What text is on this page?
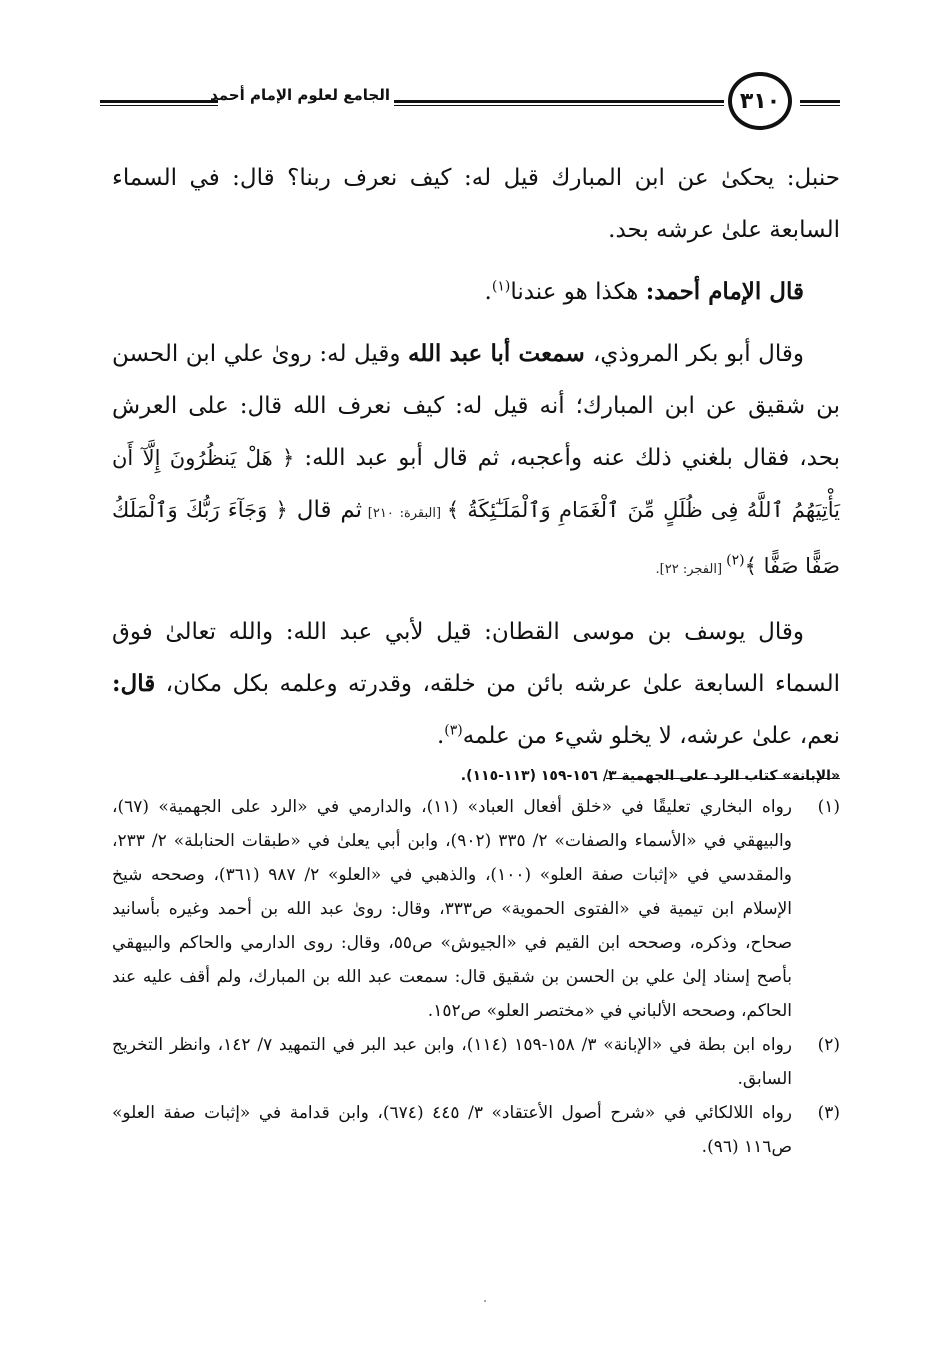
الجامع لعلوم الإمام أحمد	٣١٠

حنبل: يحكىٰ عن ابن المبارك قيل له: كيف نعرف ربنا؟ قال: في السماء السابعة علىٰ عرشه بحد.

قال الإمام أحمد: هكذا هو عندنا$^{(١)}$.

وقال أبو بكر المروذي، سمعت أبا عبد الله وقيل له: روىٰ علي ابن الحسن بن شقيق عن ابن المبارك؛ أنه قيل له: كيف نعرف الله قال: على العرش بحد، فقال بلغني ذلك عنه وأعجبه، ثم قال أبو عبد الله: ﴿ هَلْ يَنظُرُونَ إِلَّآ أَن يَأْتِيَهُمُ ٱللَّهُ فِى ظُلَلٍ مِّنَ ٱلْغَمَامِ وَٱلْمَلَـٰٓئِكَةُ ﴾ [البقرة: ٢١٠] ثم قال ﴿ وَجَآءَ رَبُّكَ وَٱلْمَلَكُ صَفًّا صَفًّا ﴾$^{(٢)}$ [الفجر: ٢٢].

وقال يوسف بن موسى القطان: قيل لأبي عبد الله: والله تعالىٰ فوق السماء السابعة علىٰ عرشه بائن من خلقه، وقدرته وعلمه بكل مكان، قال: نعم، علىٰ عرشه، لا يخلو شيء من علمه$^{(٣)}$.

«الإبانة» كتاب الرد على الجهمية ٣/ ١٥٦-١٥٩ (١١٣-١١٥).
(١)
رواه البخاري تعليقًا في «خلق أفعال العباد» (١١)، والدارمي في «الرد على الجهمية» (٦٧)، والبيهقي في «الأسماء والصفات» ٢/ ٣٣٥ (٩٠٢)، وابن أبي يعلىٰ في «طبقات الحنابلة» ٢/ ٢٣٣، والمقدسي في «إثبات صفة العلو» (١٠٠)، والذهبي في «العلو» ٢/ ٩٨٧ (٣٦١)، وصححه شيخ الإسلام ابن تيمية في «الفتوى الحموية» ص٣٣٣، وقال: روىٰ عبد الله بن أحمد وغيره بأسانيد صحاح، وذكره، وصححه ابن القيم في «الجيوش» ص٥٥، وقال: روى الدارمي والحاكم والبيهقي بأصح إسناد إلىٰ علي بن الحسن بن شقيق قال: سمعت عبد الله بن المبارك، ولم أقف عليه عند الحاكم، وصححه الألباني في «مختصر العلو» ص١٥٢.
(٢)
رواه ابن بطة في «الإبانة» ٣/ ١٥٨-١٥٩ (١١٤)، وابن عبد البر في التمهيد ٧/ ١٤٢، وانظر التخريج السابق.
(٣)
رواه اللالكائي في «شرح أصول الأعتقاد» ٣/ ٤٤٥ (٦٧٤)، وابن قدامة في «إثبات صفة العلو» ص١١٦ (٩٦).
